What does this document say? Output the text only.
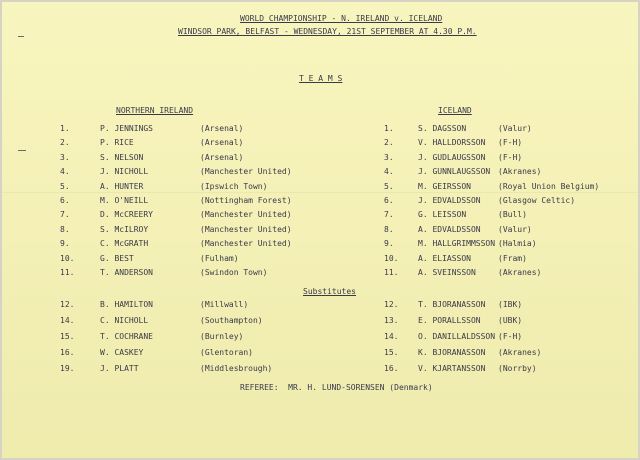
WORLD CHAMPIONSHIP - N. IRELAND v. ICELAND
WINDSOR PARK, BELFAST - WEDNESDAY, 21ST SEPTEMBER AT 4.30 P.M.
T E A M S
NORTHERN IRELAND	ICELAND
1.	P. JENNINGS	(Arsenal)
2.	P. RICE	(Arsenal)
3.	S. NELSON	(Arsenal)
4.	J. NICHOLL	(Manchester United)
5.	A. HUNTER	(Ipswich Town)
6.	M. O'NEILL	(Nottingham Forest)
7.	D. McCREERY	(Manchester United)
8.	S. McILROY	(Manchester United)
9.	C. McGRATH	(Manchester United)
10.	G. BEST	(Fulham)
11.	T. ANDERSON	(Swindon Town)
1.	S. DAGSSON	(Valur)
2.	V. HALLDORSSON (F-H)
3.	J. GUDLAUGSSON (F-H)
4.	J. GUNNLAUGSSON (Akranes)
5.	M. GEIRSSON	(Royal Union Belgium)
6.	J. EDVALDSSON (Glasgow Celtic)
7.	G. LEISSON	(Bull)
8.	A. EDVALDSSON (Valur)
9.	M. HALLGRIMMSSON (Halmia)
10. A. ELIASSON	(Fram)
11. A. SVEINSSON	(Akranes)
Substitutes
12.	B. HAMILTON	(Millwall)
14.	C. NICHOLL	(Southampton)
15.	T. COCHRANE	(Burnley)
16.	W. CASKEY	(Glentoran)
19.	J. PLATT	(Middlesbrough)
12. T. BJORANASSON (IBK)
13. E. PORALLSSON (UBK)
14. O. DANILLALDSSON (F-H)
15. K. BJORANASSON (Akranes)
16. V. KJARTANSSON (Norrby)
REFEREE:  MR. H. LUND-SORENSEN (Denmark)
